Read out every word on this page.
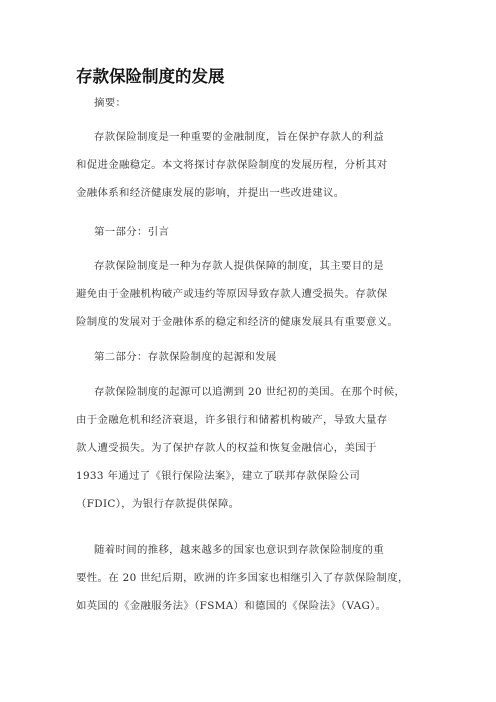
存款保险制度的发展
摘要：
存款保险制度是一种重要的金融制度，旨在保护存款人的利益
和促进金融稳定。本文将探讨存款保险制度的发展历程，分析其对
金融体系和经济健康发展的影响，并提出一些改进建议。
第一部分：引言
存款保险制度是一种为存款人提供保障的制度，其主要目的是
避免由于金融机构破产或违约等原因导致存款人遭受损失。存款保
险制度的发展对于金融体系的稳定和经济的健康发展具有重要意义。
第二部分：存款保险制度的起源和发展
存款保险制度的起源可以追溯到 20 世纪初的美国。在那个时候，
由于金融危机和经济衰退，许多银行和储蓄机构破产，导致大量存
款人遭受损失。为了保护存款人的权益和恢复金融信心，美国于
1933 年通过了《银行保险法案》，建立了联邦存款保险公司
（FDIC），为银行存款提供保障。
随着时间的推移，越来越多的国家也意识到存款保险制度的重
要性。在 20 世纪后期，欧洲的许多国家也相继引入了存款保险制度，
如英国的《金融服务法》（FSMA）和德国的《保险法》（VAG）。
